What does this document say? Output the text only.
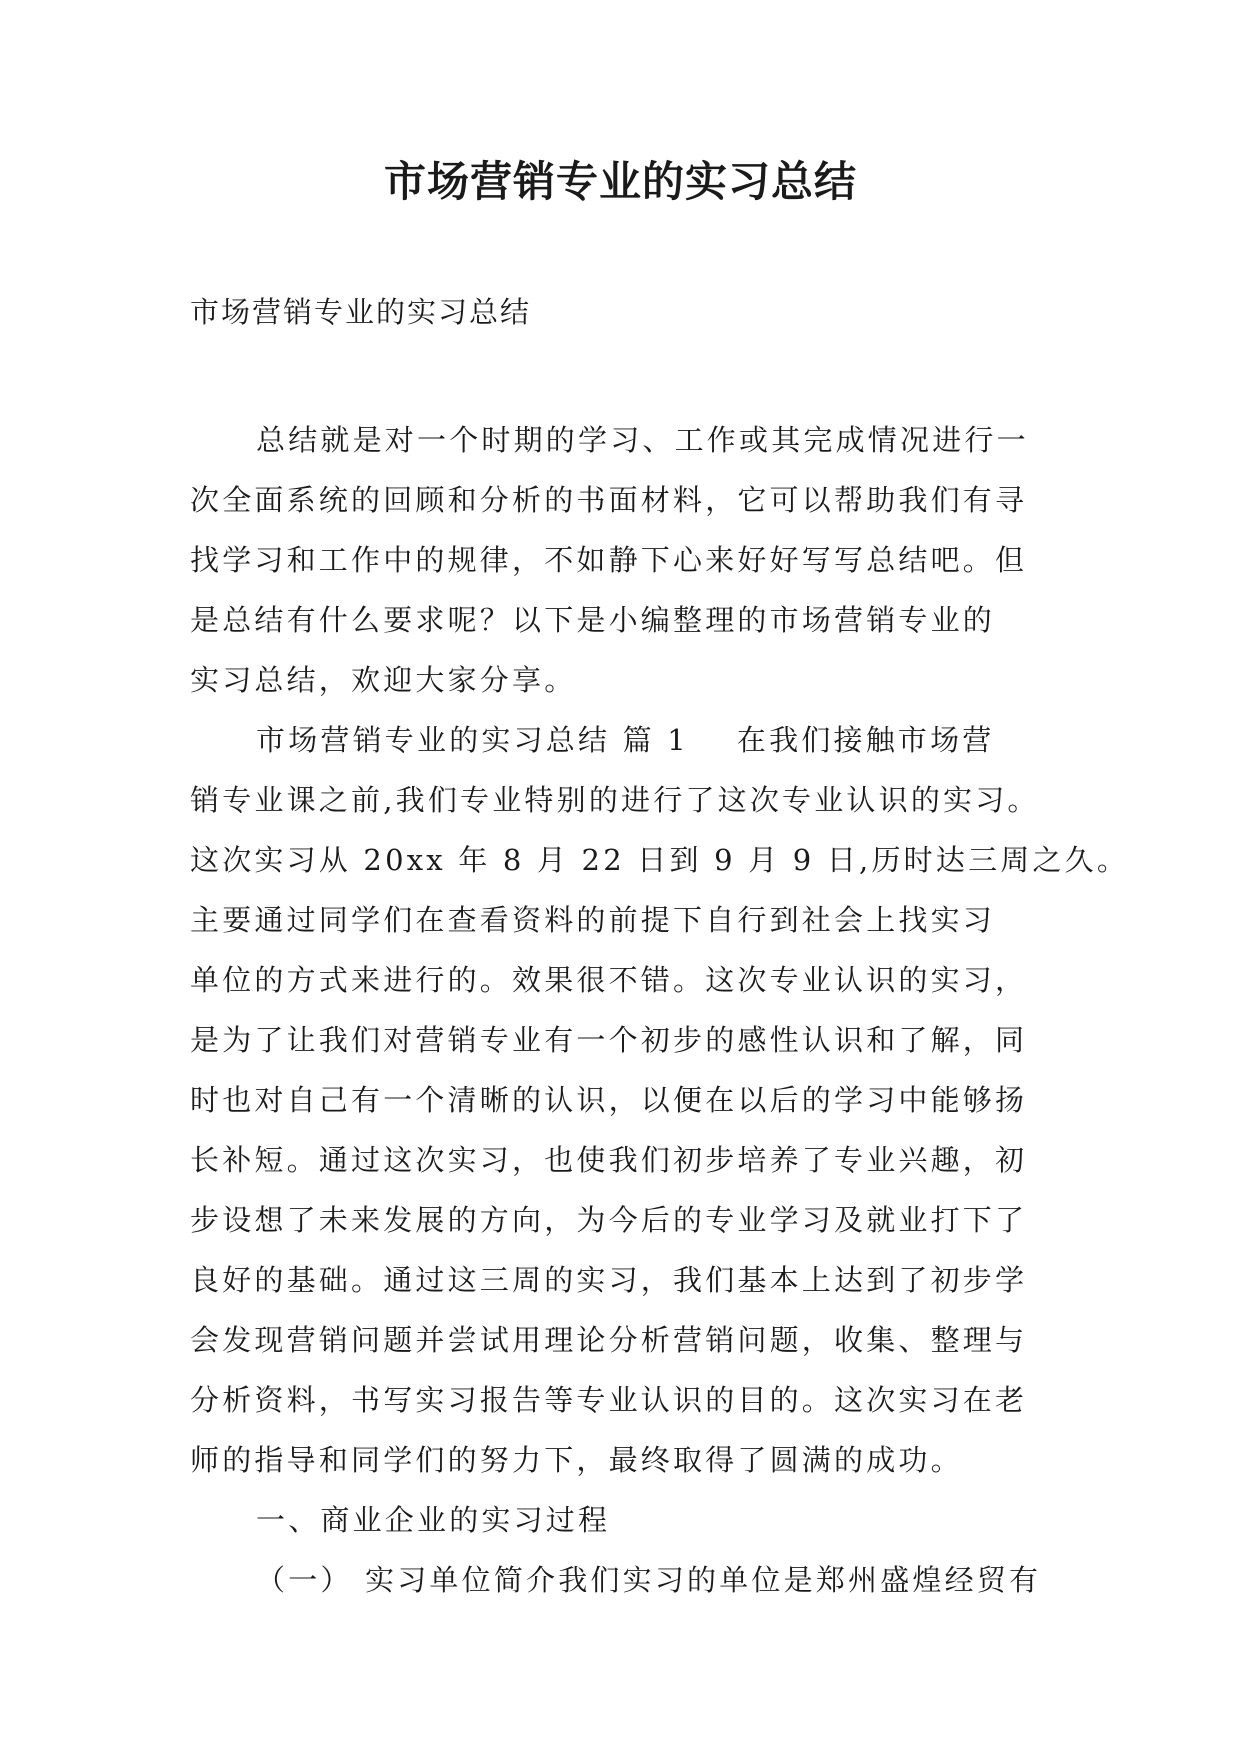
市场营销专业的实习总结
市场营销专业的实习总结
总结就是对一个时期的学习、工作或其完成情况进行一
次全面系统的回顾和分析的书面材料，它可以帮助我们有寻
找学习和工作中的规律，不如静下心来好好写写总结吧。但
是总结有什么要求呢？以下是小编整理的市场营销专业的
实习总结，欢迎大家分享。
市场营销专业的实习总结 篇 1 在我们接触市场营
销专业课之前,我们专业特别的进行了这次专业认识的实习。
这次实习从 20xx 年 8 月 22 日到 9 月 9 日,历时达三周之久。
主要通过同学们在查看资料的前提下自行到社会上找实习
单位的方式来进行的。效果很不错。这次专业认识的实习，
是为了让我们对营销专业有一个初步的感性认识和了解，同
时也对自己有一个清晰的认识，以便在以后的学习中能够扬
长补短。通过这次实习，也使我们初步培养了专业兴趣，初
步设想了未来发展的方向，为今后的专业学习及就业打下了
良好的基础。通过这三周的实习，我们基本上达到了初步学
会发现营销问题并尝试用理论分析营销问题，收集、整理与
分析资料，书写实习报告等专业认识的目的。这次实习在老
师的指导和同学们的努力下，最终取得了圆满的成功。
一、商业企业的实习过程
（一） 实习单位简介我们实习的单位是郑州盛煌经贸有
